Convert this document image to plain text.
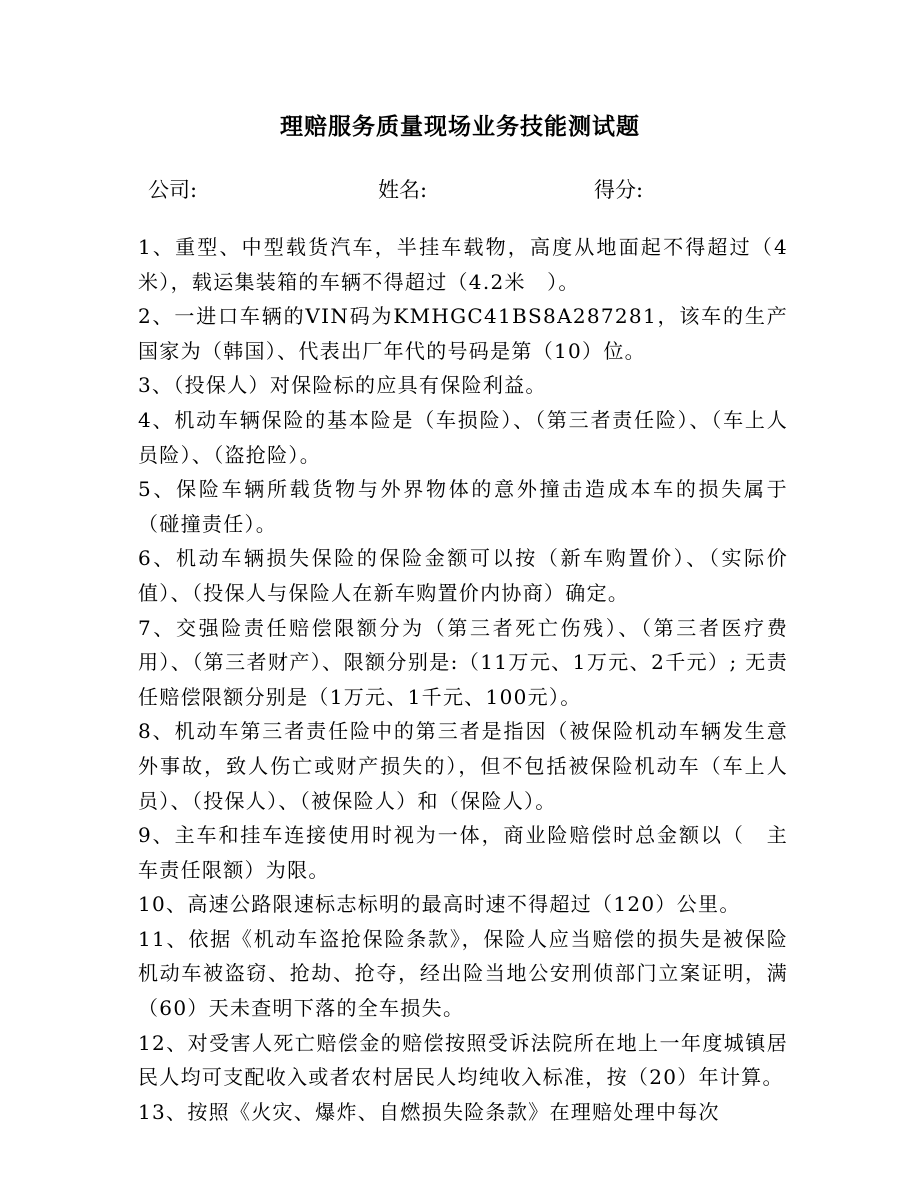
理赔服务质量现场业务技能测试题
公司:	姓名:	得分:

1、重型、中型载货汽车，半挂车载物，高度从地面起不得超过（4米），载运集装箱的车辆不得超过（4.2米　）。

2、一进口车辆的VIN码为KMHGC41BS8A287281，该车的生产国家为（韩国）、代表出厂年代的号码是第（10）位。

3、（投保人）对保险标的应具有保险利益。

4、机动车辆保险的基本险是（车损险）、（第三者责任险）、（车上人员险）、（盗抢险）。

5、保险车辆所载货物与外界物体的意外撞击造成本车的损失属于（碰撞责任）。

6、机动车辆损失保险的保险金额可以按（新车购置价）、（实际价值）、（投保人与保险人在新车购置价内协商）确定。

7、交强险责任赔偿限额分为（第三者死亡伤残）、（第三者医疗费用）、（第三者财产）、限额分别是:（11万元、1万元、2千元）; 无责任赔偿限额分别是（1万元、1千元、100元）。

8、机动车第三者责任险中的第三者是指因（被保险机动车辆发生意外事故，致人伤亡或财产损失的），但不包括被保险机动车（车上人员）、（投保人）、（被保险人）和（保险人）。

9、主车和挂车连接使用时视为一体，商业险赔偿时总金额以（　主车责任限额）为限。

10、高速公路限速标志标明的最高时速不得超过（120）公里。

11、依据《机动车盗抢保险条款》，保险人应当赔偿的损失是被保险机动车被盗窃、抢劫、抢夺，经出险当地公安刑侦部门立案证明，满（60）天未查明下落的全车损失。

12、对受害人死亡赔偿金的赔偿按照受诉法院所在地上一年度城镇居民人均可支配收入或者农村居民人均纯收入标准，按（20）年计算。

13、按照《火灾、爆炸、自燃损失险条款》在理赔处理中每次
